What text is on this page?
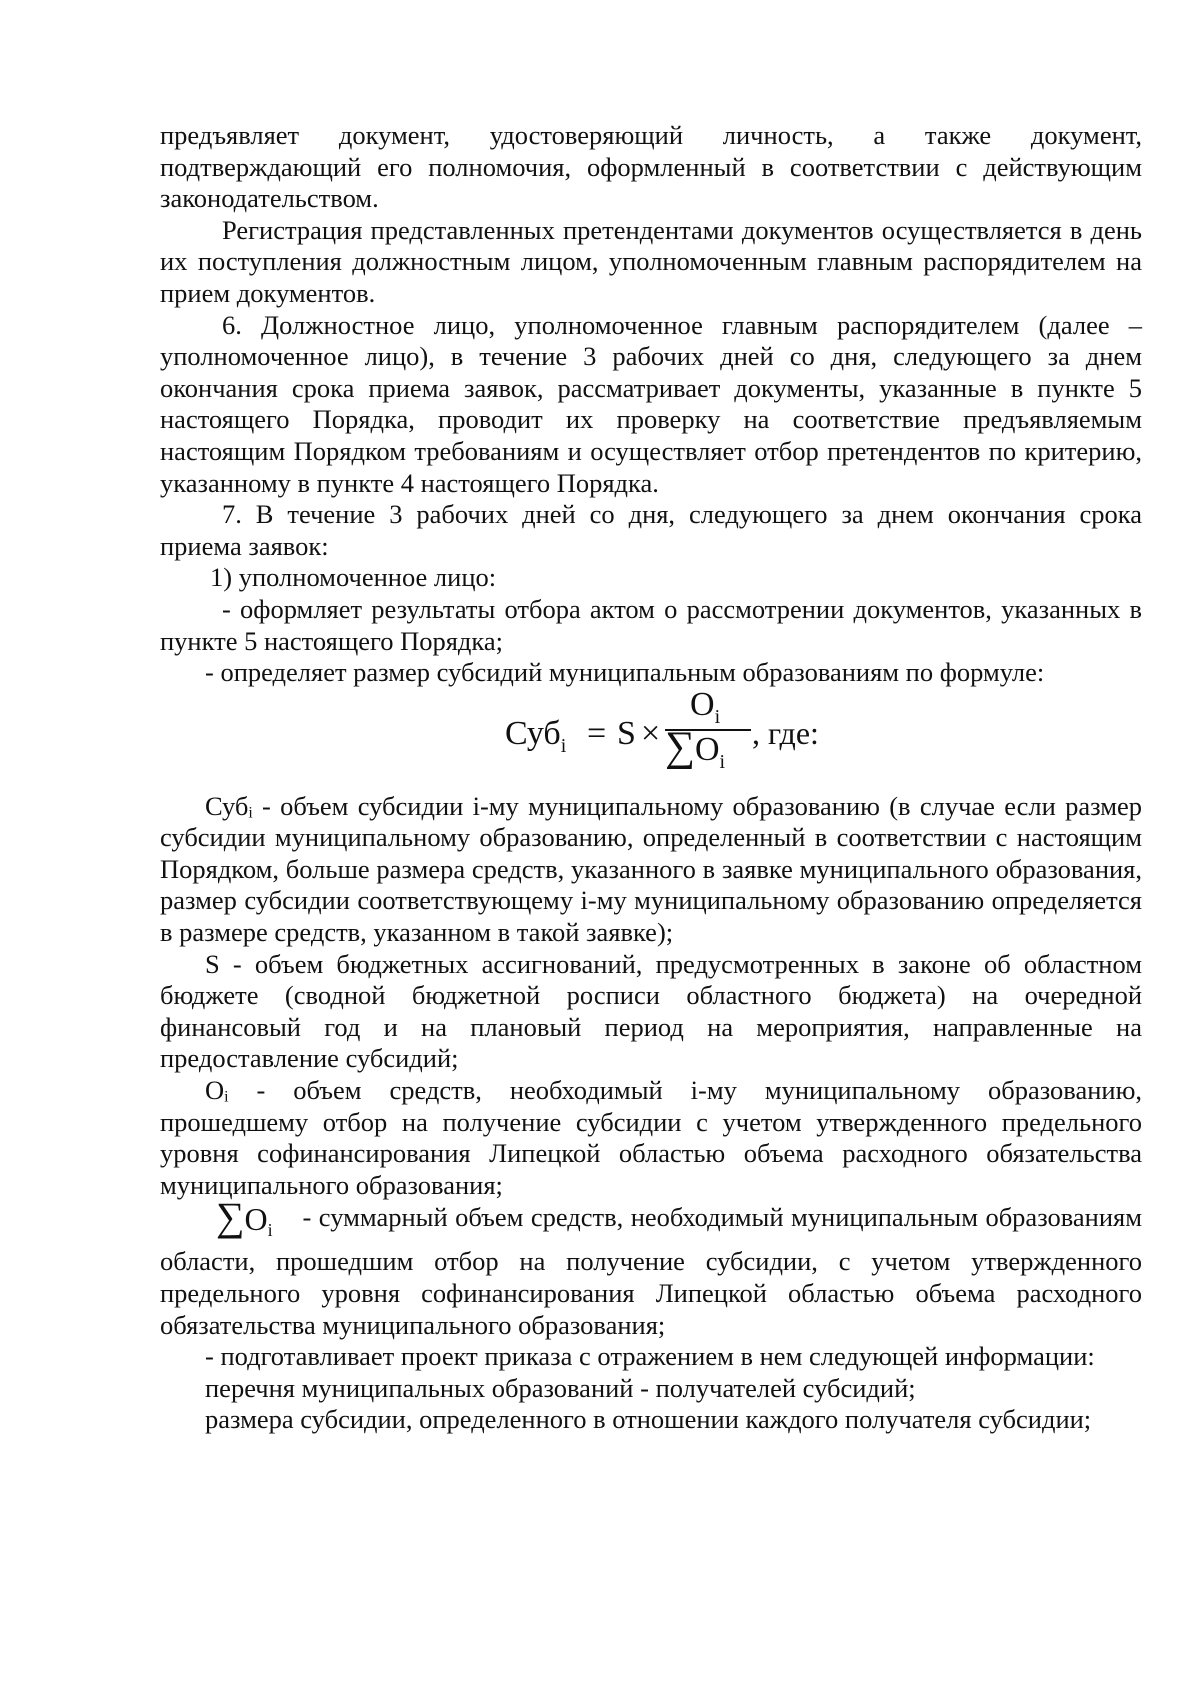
предъявляет документ, удостоверяющий личность, а также документ, подтверждающий его полномочия, оформленный в соответствии с действующим законодательством.

Регистрация представленных претендентами документов осуществляется в день их поступления должностным лицом, уполномоченным главным распорядителем на прием документов.

6. Должностное лицо, уполномоченное главным распорядителем (далее – уполномоченное лицо), в течение 3 рабочих дней со дня, следующего за днем окончания срока приема заявок, рассматривает документы, указанные в пункте 5 настоящего Порядка, проводит их проверку на соответствие предъявляемым настоящим Порядком требованиям и осуществляет отбор претендентов по критерию, указанному в пункте 4 настоящего Порядка.

7. В течение 3 рабочих дней со дня, следующего за днем окончания срока приема заявок:

1) уполномоченное лицо:

- оформляет результаты отбора актом о рассмотрении документов, указанных в пункте 5 настоящего Порядка;

- определяет размер субсидий муниципальным образованиям по формуле:

Суб$_i$ = S ×
$O_i$
$\sum O_i$
, где:

Субᵢ - объем субсидии i-му муниципальному образованию (в случае если размер субсидии муниципальному образованию, определенный в соответствии с настоящим Порядком, больше размера средств, указанного в заявке муниципального образования, размер субсидии соответствующему i-му муниципальному образованию определяется в размере средств, указанном в такой заявке);

S - объем бюджетных ассигнований, предусмотренных в законе об областном бюджете (сводной бюджетной росписи областного бюджета) на очередной финансовый год и на плановый период на мероприятия, направленные на предоставление субсидий;

Oᵢ - объем средств, необходимый i-му муниципальному образованию, прошедшему отбор на получение субсидии с учетом утвержденного предельного уровня софинансирования Липецкой областью объема расходного обязательства муниципального образования;

∑Oi - суммарный объем средств, необходимый муниципальным образованиям области, прошедшим отбор на получение субсидии, с учетом утвержденного предельного уровня софинансирования Липецкой областью объема расходного обязательства муниципального образования;

- подготавливает проект приказа с отражением в нем следующей информации:

перечня муниципальных образований - получателей субсидий;

размера субсидии, определенного в отношении каждого получателя субсидии;
